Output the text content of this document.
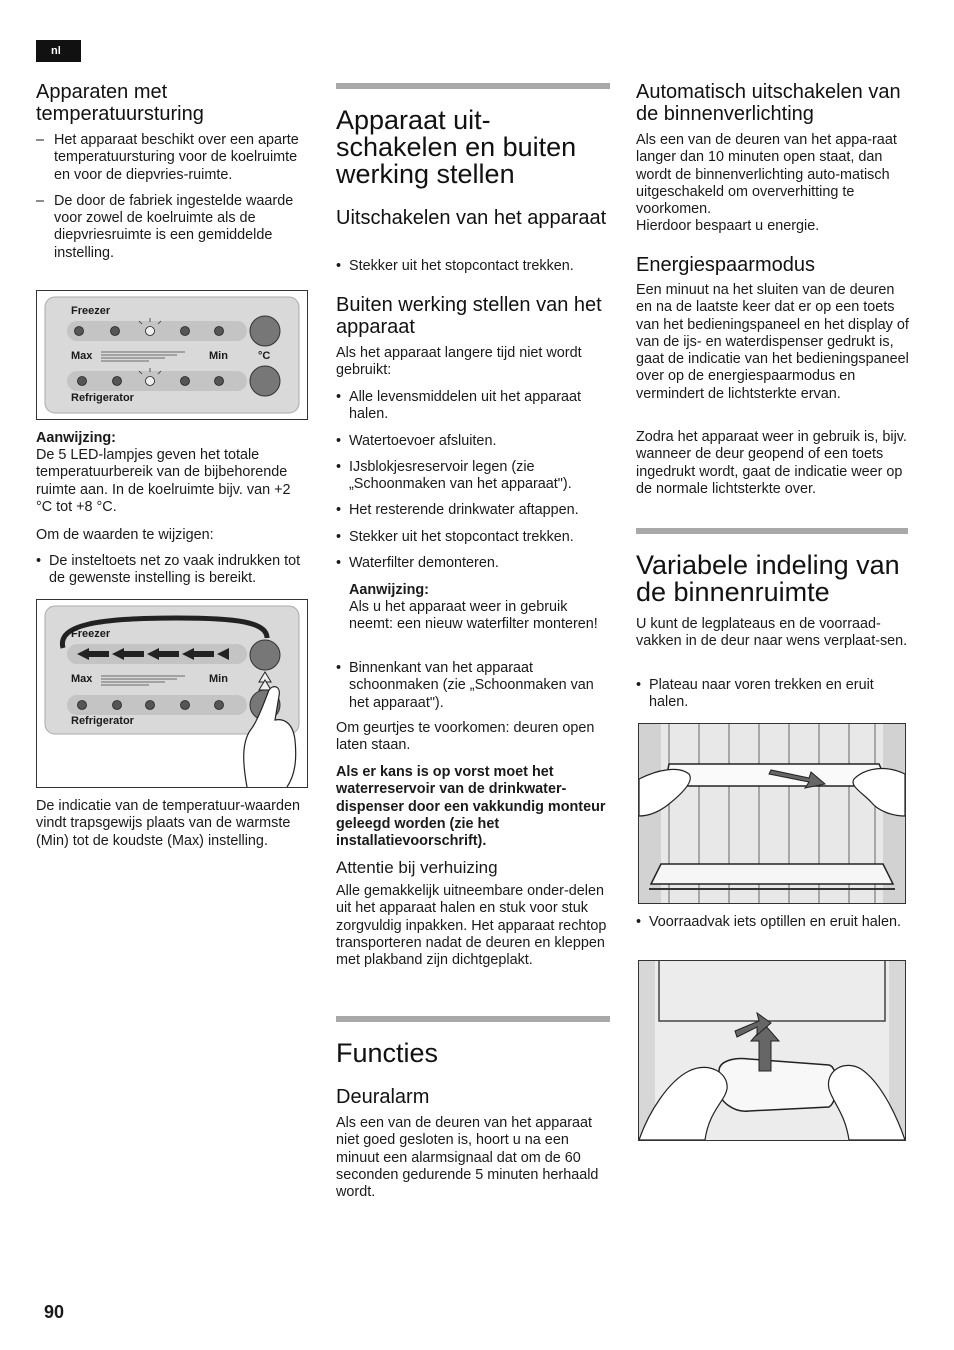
nl
Apparaten met temperatuursturing
– Het apparaat beschikt over een aparte temperatuursturing voor de koelruimte en voor de diepvries-ruimte.
– De door de fabriek ingestelde waarde voor zowel de koelruimte als de diepvriesruimte is een gemiddelde instelling.
Freezer
Max	Min	°C
Refrigerator

Aanwijzing:

De 5 LED-lampjes geven het totale temperatuurbereik van de bijbehorende ruimte aan. In de koelruimte bijv. van +2 °C tot +8 °C.

Om de waarden te wijzigen:

• De insteltoets net zo vaak indrukken tot de gewenste instelling is bereikt.
Freezer
Max	Min
Refrigerator

De indicatie van de temperatuur-waarden vindt trapsgewijs plaats van de warmste (Min) tot de koudste (Max) instelling.

Apparaat uit-schakelen en buiten werking stellen
Uitschakelen van het apparaat
• Stekker uit het stopcontact trekken.
Buiten werking stellen van het apparaat

Als het apparaat langere tijd niet wordt gebruikt:

• Alle levensmiddelen uit het apparaat halen.
• Watertoevoer afsluiten.
• IJsblokjesreservoir legen (zie „Schoonmaken van het apparaat").
• Het resterende drinkwater aftappen.
• Stekker uit het stopcontact trekken.
• Waterfilter demonteren.

Aanwijzing:

Als u het apparaat weer in gebruik neemt: een nieuw waterfilter monteren!

• Binnenkant van het apparaat schoonmaken (zie „Schoonmaken van het apparaat").

Om geurtjes te voorkomen: deuren open laten staan.

Als er kans is op vorst moet het waterreservoir van de drinkwater-dispenser door een vakkundig monteur geleegd worden (zie het installatievoorschrift).

Attentie bij verhuizing

Alle gemakkelijk uitneembare onder-delen uit het apparaat halen en stuk voor stuk zorgvuldig inpakken. Het apparaat rechtop transporteren nadat de deuren en kleppen met plakband zijn dichtgeplakt.

Functies
Deuralarm

Als een van de deuren van het apparaat niet goed gesloten is, hoort u na een minuut een alarmsignaal dat om de 60 seconden gedurende 5 minuten herhaald wordt.

Automatisch uitschakelen van de binnenverlichting

Als een van de deuren van het appa-raat langer dan 10 minuten open staat, dan wordt de binnenverlichting auto-matisch uitgeschakeld om oververhitting te voorkomen.

Hierdoor bespaart u energie.

Energiespaarmodus

Een minuut na het sluiten van de deuren en na de laatste keer dat er op een toets van het bedieningspaneel en het display of van de ijs- en waterdispenser gedrukt is, gaat de indicatie van het bedieningspaneel over op de energiespaarmodus en vermindert de lichtsterkte ervan.

Zodra het apparaat weer in gebruik is, bijv. wanneer de deur geopend of een toets ingedrukt wordt, gaat de indicatie weer op de normale lichtsterkte over.

Variabele indeling van de binnenruimte

U kunt de legplateaus en de voorraad-vakken in de deur naar wens verplaat-sen.

• Plateau naar voren trekken en eruit halen.
• Voorraadvak iets optillen en eruit halen.
90
